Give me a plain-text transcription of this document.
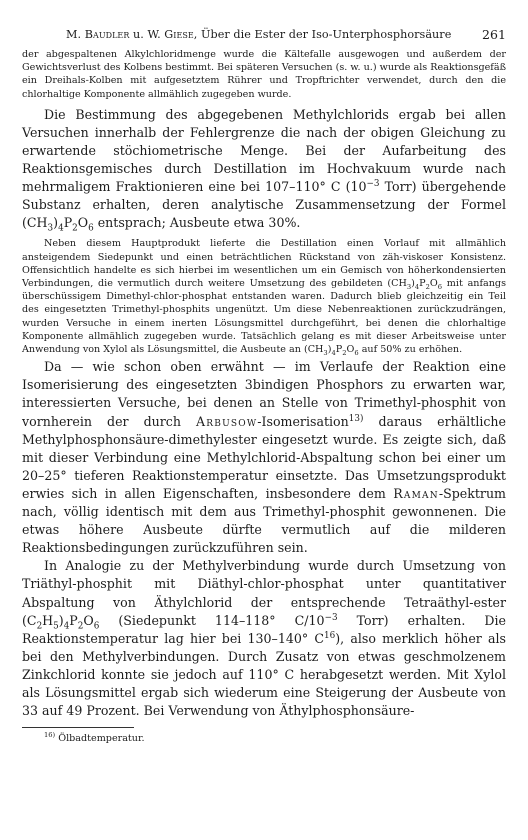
M. Baudler u. W. Giese, Über die Ester der Iso-Unterphosphorsäure 261

der abgespaltenen Alkylchloridmenge wurde die Kältefalle ausgewogen und außerdem der Gewichtsverlust des Kolbens bestimmt. Bei späteren Versuchen (s. w. u.) wurde als Reaktionsgefäß ein Dreihals-Kolben mit aufgesetztem Rührer und Tropftrichter verwendet, durch den die chlorhaltige Komponente allmählich zugegeben wurde.

Die Bestimmung des abgegebenen Methylchlorids ergab bei allen Versuchen innerhalb der Fehlergrenze die nach der obigen Gleichung zu erwartende stöchiometrische Menge. Bei der Aufarbeitung des Reaktionsgemisches durch Destillation im Hochvakuum wurde nach mehrmaligem Fraktionieren eine bei 107–110° C ($10^{-3}$ Torr) übergehende Substanz erhalten, deren analytische Zusammensetzung der Formel $(CH_3)_4P_2O_6$ entsprach; Ausbeute etwa 30%.

Neben diesem Hauptprodukt lieferte die Destillation einen Vorlauf mit allmählich ansteigendem Siedepunkt und einen beträchtlichen Rückstand von zäh-viskoser Konsistenz. Offensichtlich handelte es sich hierbei im wesentlichen um ein Gemisch von höherkondensierten Verbindungen, die vermutlich durch weitere Umsetzung des gebildeten $(CH_3)_4P_2O_6$ mit anfangs überschüssigem Dimethyl-chlor-phosphat entstanden waren. Dadurch blieb gleichzeitig ein Teil des eingesetzten Trimethyl-phosphits ungenützt. Um diese Nebenreaktionen zurückzudrängen, wurden Versuche in einem inerten Lösungsmittel durchgeführt, bei denen die chlorhaltige Komponente allmählich zugegeben wurde. Tatsächlich gelang es mit dieser Arbeitsweise unter Anwendung von Xylol als Lösungsmittel, die Ausbeute an $(CH_3)_4P_2O_6$ auf 50% zu erhöhen.

Da — wie schon oben erwähnt — im Verlaufe der Reaktion eine Isomerisierung des eingesetzten 3bindigen Phosphors zu erwarten war, interessierten Versuche, bei denen an Stelle von Trimethyl-phosphit von vornherein der durch Arbusow-Isomerisation$^{13)}$ daraus erhältliche Methylphosphonsäure-dimethylester eingesetzt wurde. Es zeigte sich, daß mit dieser Verbindung eine Methylchlorid-Abspaltung schon bei einer um 20–25° tieferen Reaktionstemperatur einsetzte. Das Umsetzungsprodukt erwies sich in allen Eigenschaften, insbesondere dem Raman-Spektrum nach, völlig identisch mit dem aus Trimethyl-phosphit gewonnenen. Die etwas höhere Ausbeute dürfte vermutlich auf die milderen Reaktionsbedingungen zurückzuführen sein.

In Analogie zu der Methylverbindung wurde durch Umsetzung von Triäthyl-phosphit mit Diäthyl-chlor-phosphat unter quantitativer Abspaltung von Äthylchlorid der entsprechende Tetraäthyl-ester $(C_2H_5)_4P_2O_6$ (Siedepunkt 114–118° $C/10^{-3}$ Torr) erhalten. Die Reaktionstemperatur lag hier bei 130–140° $C^{16}$), also merklich höher als bei den Methylverbindungen. Durch Zusatz von etwas geschmolzenem Zinkchlorid konnte sie jedoch auf 110° C herabgesetzt werden. Mit Xylol als Lösungsmittel ergab sich wiederum eine Steigerung der Ausbeute von 33 auf 49 Prozent. Bei Verwendung von Äthylphosphonsäure-

$^{16)}$ Ölbadtemperatur.
